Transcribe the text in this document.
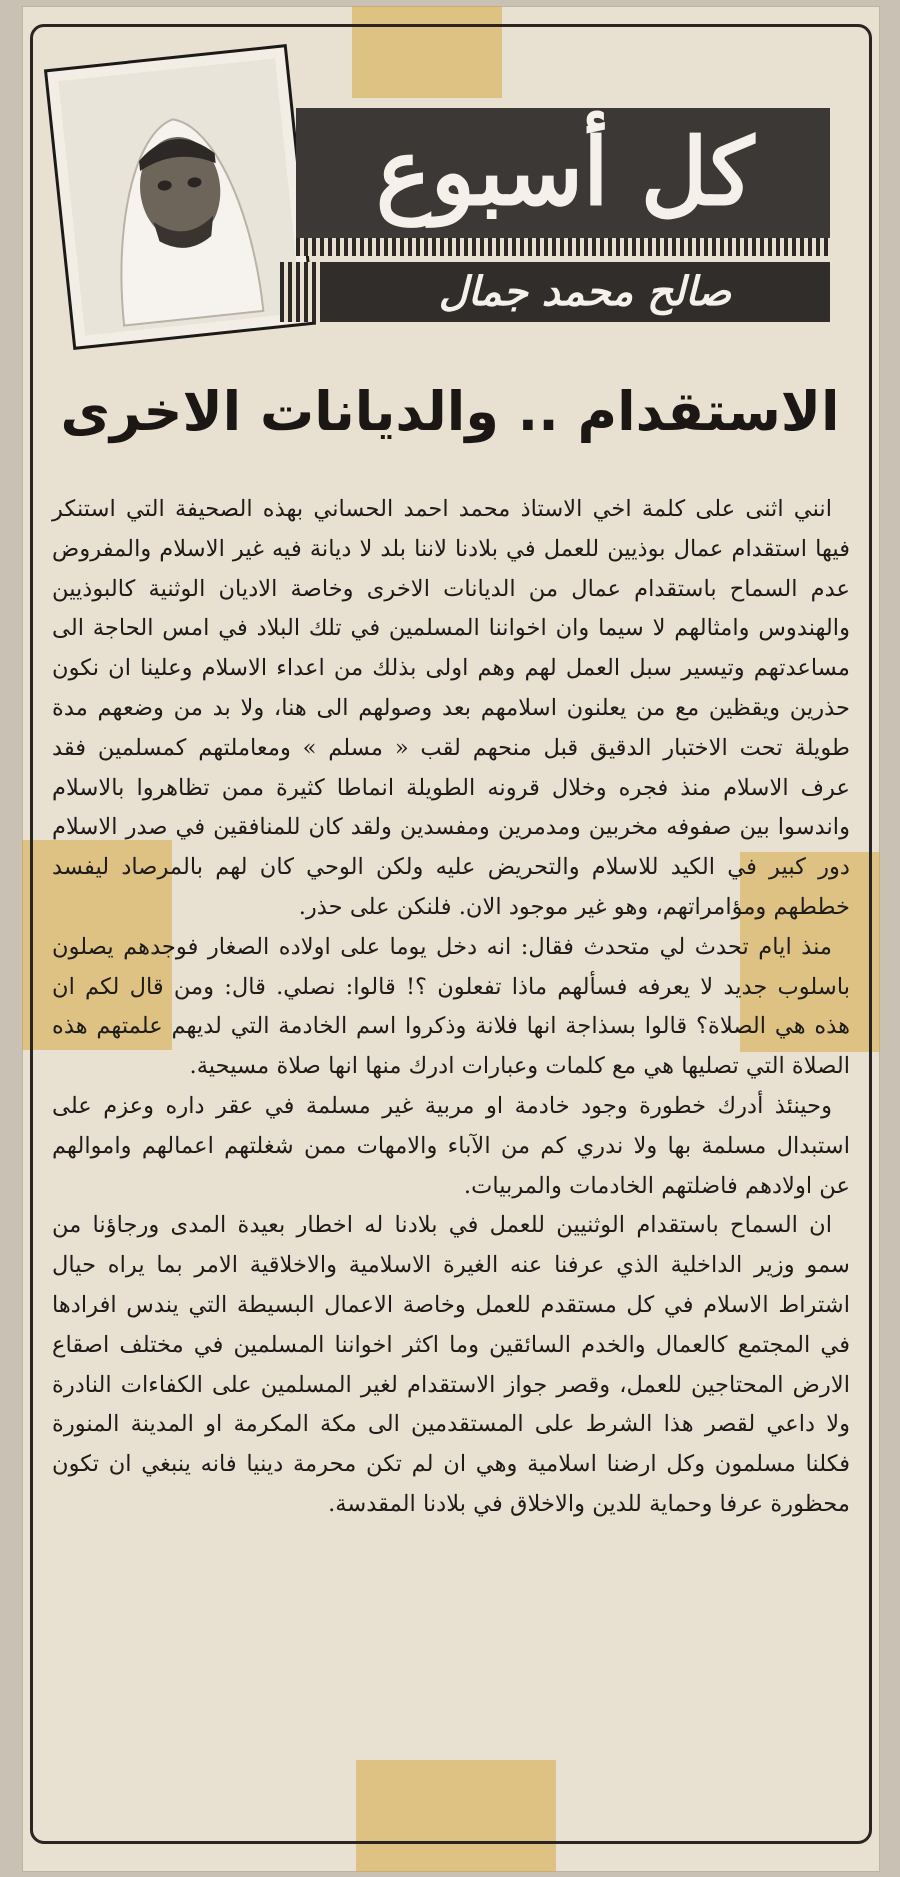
كل أسبوع
صالح محمد جمال
الاستقدام .. والديانات الاخرى

انني اثنى على كلمة اخي الاستاذ محمد احمد الحساني بهذه الصحيفة التي استنكر فيها استقدام عمال بوذيين للعمل في بلادنا لاننا بلد لا ديانة فيه غير الاسلام والمفروض عدم السماح باستقدام عمال من الديانات الاخرى وخاصة الاديان الوثنية كالبوذيين والهندوس وامثالهم لا سيما وان اخواننا المسلمين في تلك البلاد في امس الحاجة الى مساعدتهم وتيسير سبل العمل لهم وهم اولى بذلك من اعداء الاسلام وعلينا ان نكون حذرين ويقظين مع من يعلنون اسلامهم بعد وصولهم الى هنا، ولا بد من وضعهم مدة طويلة تحت الاختبار الدقيق قبل منحهم لقب « مسلم » ومعاملتهم كمسلمين فقد عرف الاسلام منذ فجره وخلال قرونه الطويلة انماطا كثيرة ممن تظاهروا بالاسلام واندسوا بين صفوفه مخربين ومدمرين ومفسدين ولقد كان للمنافقين في صدر الاسلام دور كبير في الكيد للاسلام والتحريض عليه ولكن الوحي كان لهم بالمرصاد ليفسد خططهم ومؤامراتهم، وهو غير موجود الان. فلنكن على حذر.

منذ ايام تحدث لي متحدث فقال: انه دخل يوما على اولاده الصغار فوجدهم يصلون باسلوب جديد لا يعرفه فسألهم ماذا تفعلون ؟! قالوا: نصلي. قال: ومن قال لكم ان هذه هي الصلاة؟ قالوا بسذاجة انها فلانة وذكروا اسم الخادمة التي لديهم علمتهم هذه الصلاة التي تصليها هي مع كلمات وعبارات ادرك منها انها صلاة مسيحية.

وحينئذ أدرك خطورة وجود خادمة او مربية غير مسلمة في عقر داره وعزم على استبدال مسلمة بها ولا ندري كم من الآباء والامهات ممن شغلتهم اعمالهم واموالهم عن اولادهم فاضلتهم الخادمات والمربيات.

ان السماح باستقدام الوثنيين للعمل في بلادنا له اخطار بعيدة المدى ورجاؤنا من سمو وزير الداخلية الذي عرفنا عنه الغيرة الاسلامية والاخلاقية الامر بما يراه حيال اشتراط الاسلام في كل مستقدم للعمل وخاصة الاعمال البسيطة التي يندس افرادها في المجتمع كالعمال والخدم السائقين وما اكثر اخواننا المسلمين في مختلف اصقاع الارض المحتاجين للعمل، وقصر جواز الاستقدام لغير المسلمين على الكفاءات النادرة ولا داعي لقصر هذا الشرط على المستقدمين الى مكة المكرمة او المدينة المنورة فكلنا مسلمون وكل ارضنا اسلامية وهي ان لم تكن محرمة دينيا فانه ينبغي ان تكون محظورة عرفا وحماية للدين والاخلاق في بلادنا المقدسة.
